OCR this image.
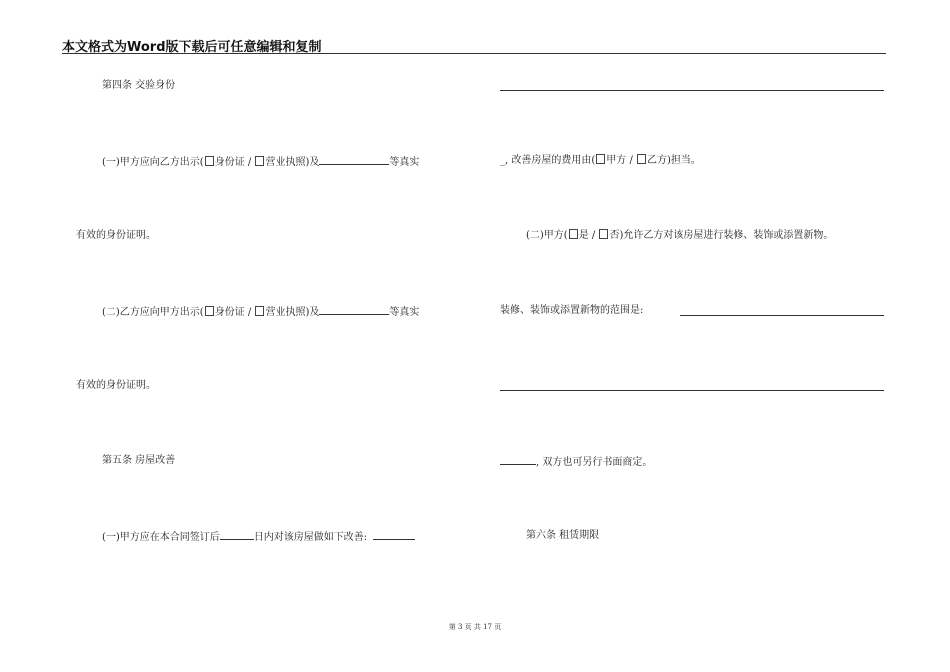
本文格式为Word版下载后可任意编辑和复制
第四条 交验身份
(一)甲方应向乙方出示( 身份证 / 营业执照)及	等真实
有效的身份证明。
(二)乙方应向甲方出示( 身份证 / 营业执照)及	等真实
有效的身份证明。
第五条 房屋改善
(一)甲方应在本合同签订后	日内对该房屋做如下改善:
_, 改善房屋的费用由( 甲方 / 乙方)担当。
(二)甲方( 是 / 否)允许乙方对该房屋进行装修、装饰或添置新物。
装修、装饰或添置新物的范围是:
, 双方也可另行书面商定。
第六条 租赁期限
第 3 页 共 17 页
